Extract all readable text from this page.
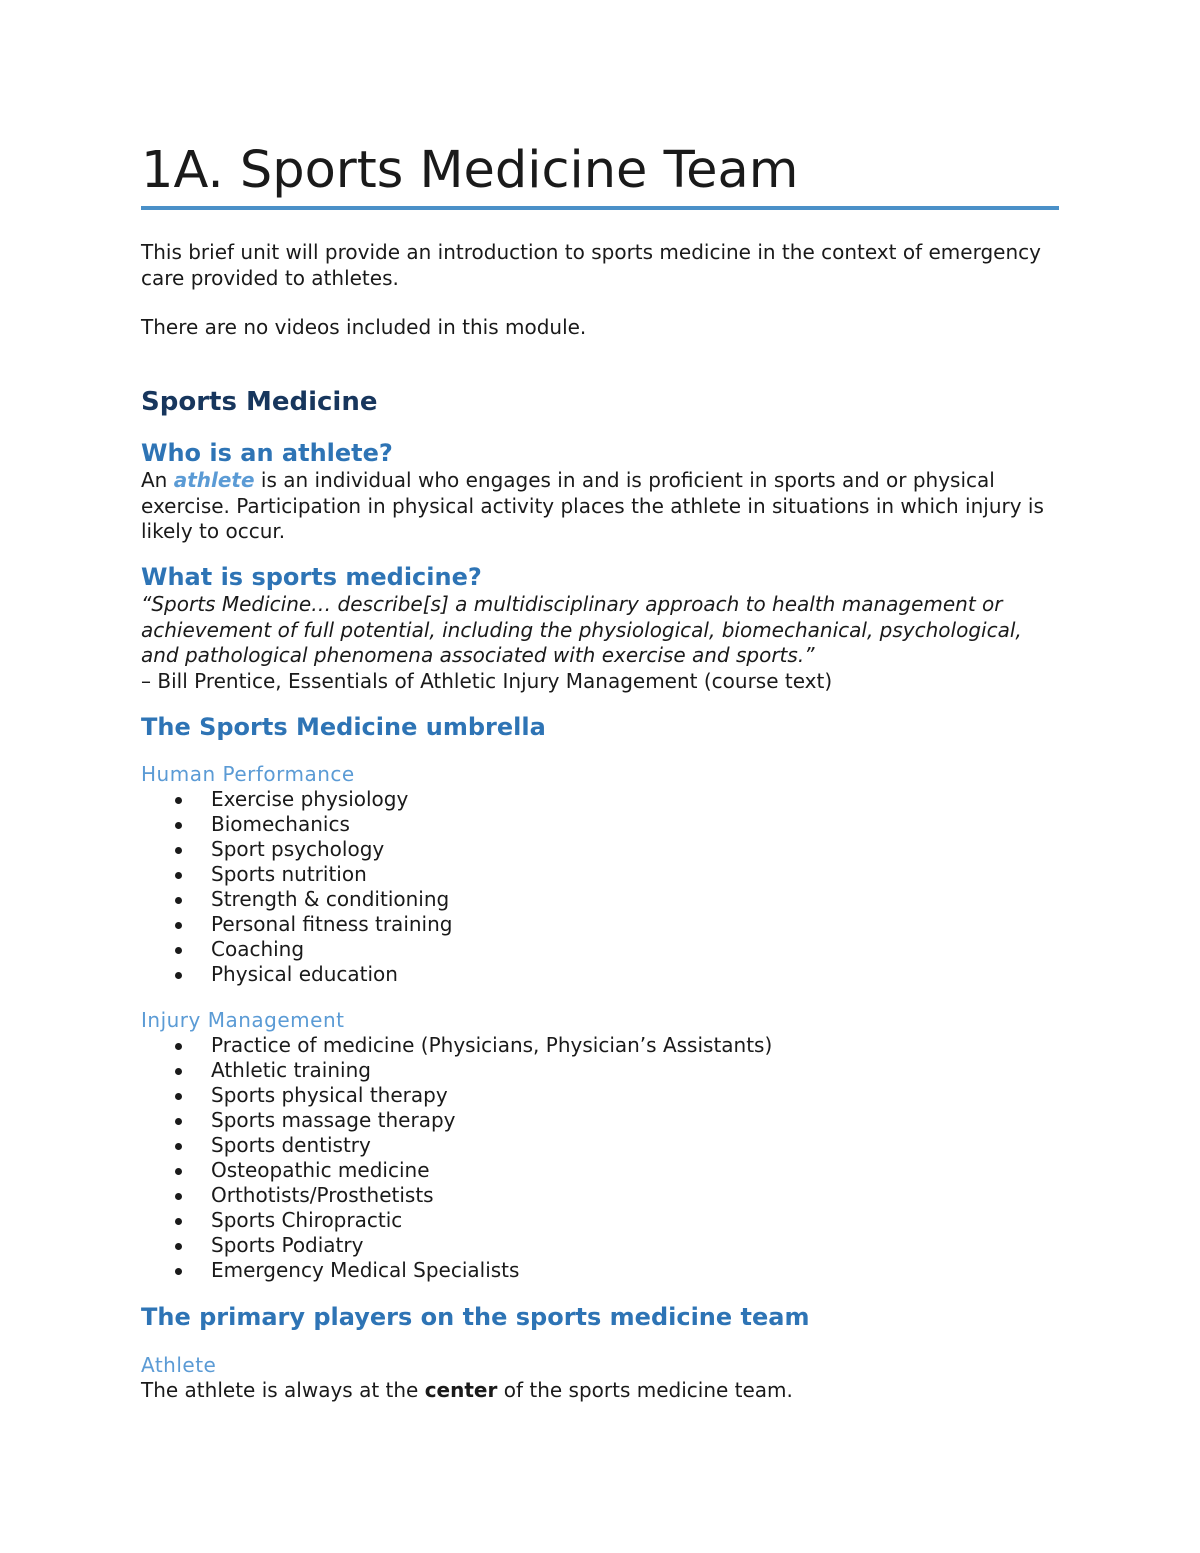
1A. Sports Medicine Team

This brief unit will provide an introduction to sports medicine in the context of emergency care provided to athletes.

There are no videos included in this module.

Sports Medicine
Who is an athlete?

An athlete is an individual who engages in and is proficient in sports and or physical exercise. Participation in physical activity places the athlete in situations in which injury is likely to occur.

What is sports medicine?

“Sports Medicine… describe[s] a multidisciplinary approach to health management or achievement of full potential, including the physiological, biomechanical, psychological, and pathological phenomena associated with exercise and sports.”

– Bill Prentice, Essentials of Athletic Injury Management (course text)

The Sports Medicine umbrella
Human Performance
Exercise physiology
Biomechanics
Sport psychology
Sports nutrition
Strength & conditioning
Personal fitness training
Coaching
Physical education
Injury Management
Practice of medicine (Physicians, Physician’s Assistants)
Athletic training
Sports physical therapy
Sports massage therapy
Sports dentistry
Osteopathic medicine
Orthotists/Prosthetists
Sports Chiropractic
Sports Podiatry
Emergency Medical Specialists
The primary players on the sports medicine team
Athlete

The athlete is always at the center of the sports medicine team.
